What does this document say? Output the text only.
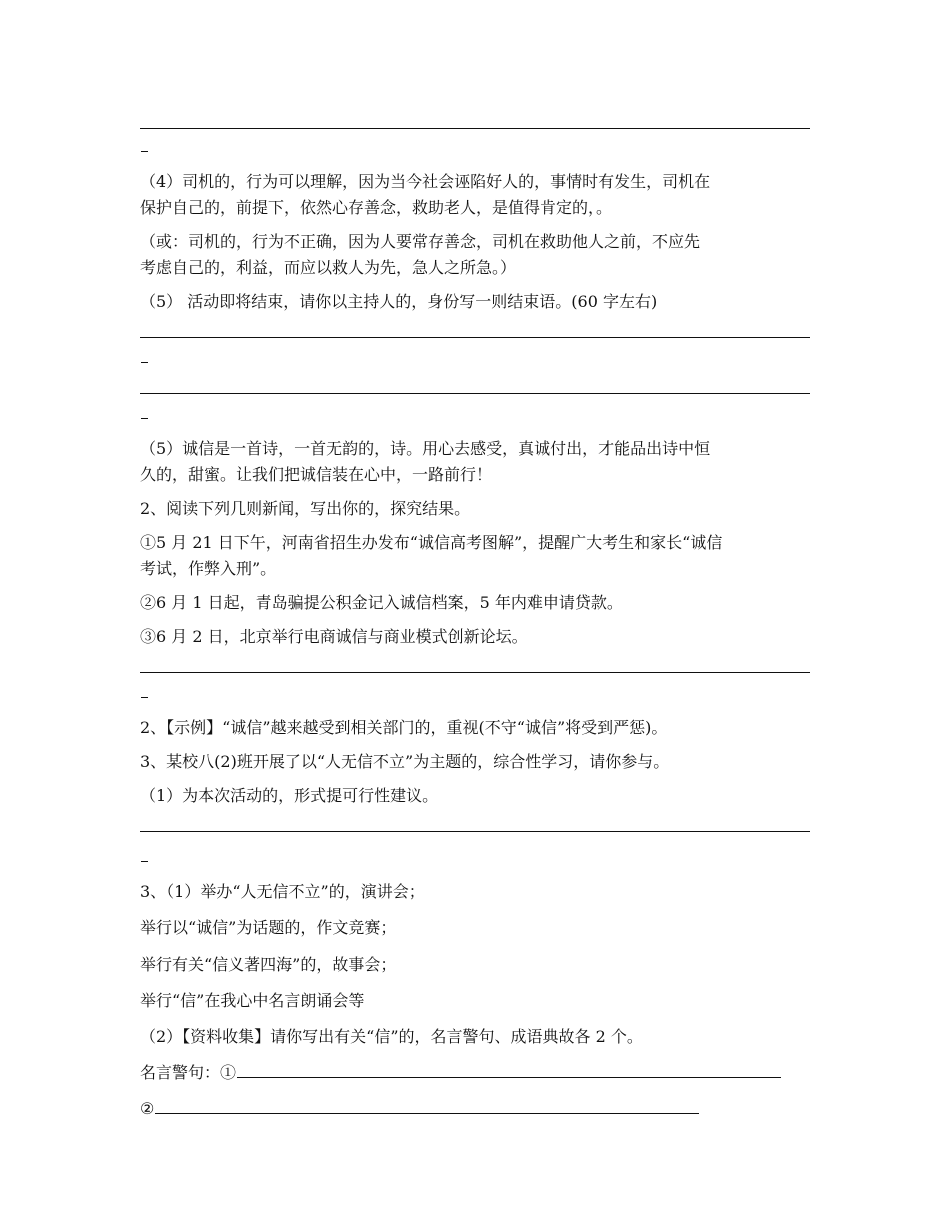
（4）司机的，行为可以理解，因为当今社会诬陷好人的，事情时有发生，司机在

保护自己的，前提下，依然心存善念，救助老人，是值得肯定的，。

（或：司机的，行为不正确，因为人要常存善念，司机在救助他人之前，不应先

考虑自己的，利益，而应以救人为先，急人之所急。）

（5） 活动即将结束，请你以主持人的，身份写一则结束语。(60 字左右)

（5）诚信是一首诗，一首无韵的，诗。用心去感受，真诚付出，才能品出诗中恒

久的，甜蜜。让我们把诚信装在心中，一路前行！

2、阅读下列几则新闻，写出你的，探究结果。

①5 月 21 日下午，河南省招生办发布“诚信高考图解”，提醒广大考生和家长“诚信

考试，作弊入刑”。

②6 月 1 日起，青岛骗提公积金记入诚信档案，5 年内难申请贷款。

③6 月 2 日，北京举行电商诚信与商业模式创新论坛。

2、【示例】“诚信”越来越受到相关部门的，重视(不守“诚信”将受到严惩)。

3、某校八(2)班开展了以“人无信不立”为主题的，综合性学习，请你参与。

（1）为本次活动的，形式提可行性建议。

3、（1）举办“人无信不立”的，演讲会；

举行以“诚信”为话题的，作文竞赛；

举行有关“信义著四海”的，故事会；

举行“信”在我心中名言朗诵会等

（2）【资料收集】请你写出有关“信”的，名言警句、成语典故各 2 个。

名言警句：①

②
